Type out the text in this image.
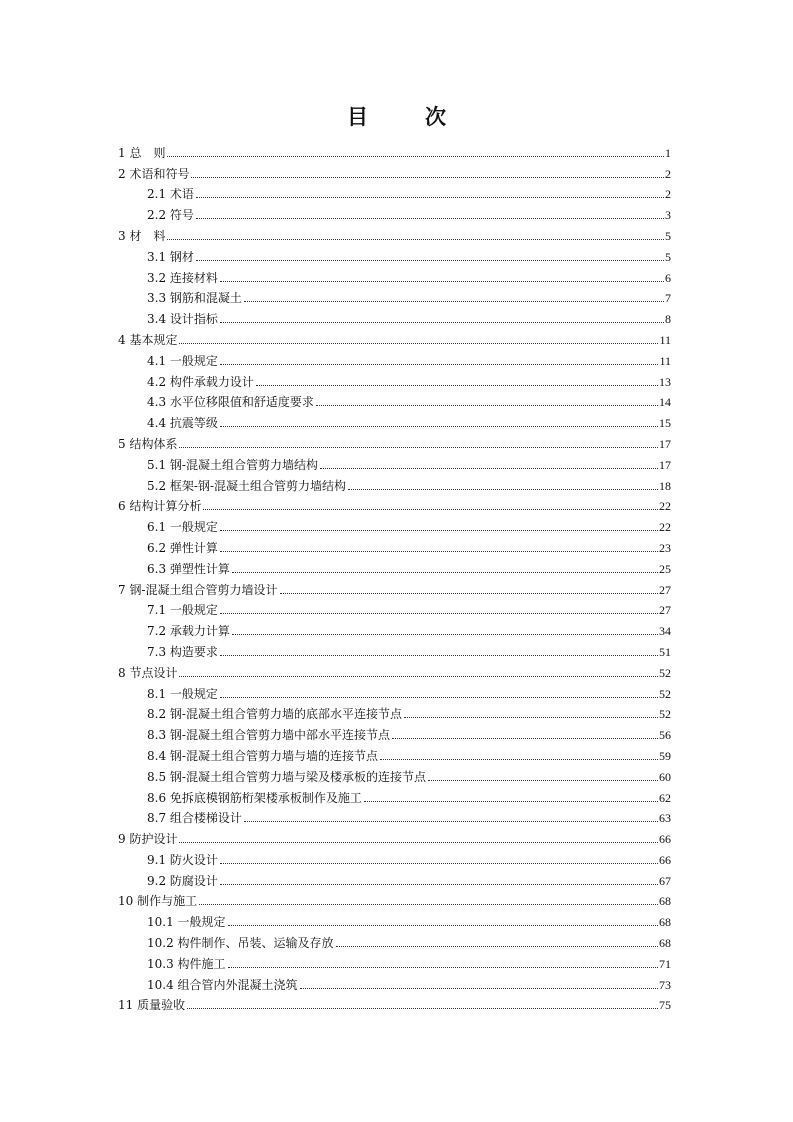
目　次
1 总　则	1
2 术语和符号	2
2.1 术语	2
2.2 符号	3
3 材　料	5
3.1 钢材	5
3.2 连接材料	6
3.3 钢筋和混凝土	7
3.4 设计指标	8
4 基本规定	11
4.1 一般规定	11
4.2 构件承载力设计	13
4.3 水平位移限值和舒适度要求	14
4.4 抗震等级	15
5 结构体系	17
5.1 钢-混凝土组合管剪力墙结构	17
5.2 框架-钢-混凝土组合管剪力墙结构	18
6 结构计算分析	22
6.1 一般规定	22
6.2 弹性计算	23
6.3 弹塑性计算	25
7 钢-混凝土组合管剪力墙设计	27
7.1 一般规定	27
7.2 承载力计算	34
7.3 构造要求	51
8 节点设计	52
8.1 一般规定	52
8.2 钢-混凝土组合管剪力墙的底部水平连接节点	52
8.3 钢-混凝土组合管剪力墙中部水平连接节点	56
8.4 钢-混凝土组合管剪力墙与墙的连接节点	59
8.5 钢-混凝土组合管剪力墙与梁及楼承板的连接节点	60
8.6 免拆底模钢筋桁架楼承板制作及施工	62
8.7 组合楼梯设计	63
9 防护设计	66
9.1 防火设计	66
9.2 防腐设计	67
10 制作与施工	68
10.1 一般规定	68
10.2 构件制作、吊装、运输及存放	68
10.3 构件施工	71
10.4 组合管内外混凝土浇筑	73
11 质量验收	75
